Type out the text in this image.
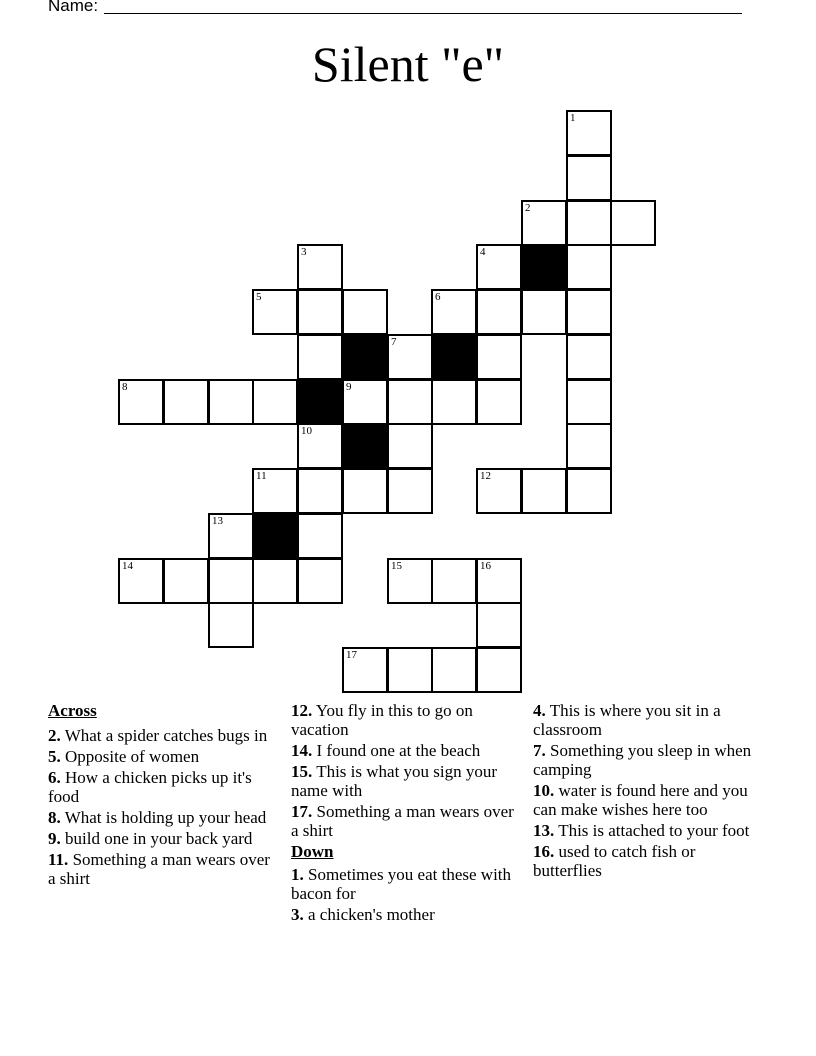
Name:
Silent "e"
1
2
3	4
5	6
7
8	9
10
11	12
13
14	15	16
17
Across
2. What a spider catches bugs in
5. Opposite of women
6. How a chicken picks up it's food
8. What is holding up your head
9. build one in your back yard
11. Something a man wears over a shirt
12. You fly in this to go on vacation
14. I found one at the beach
15. This is what you sign your name with
17. Something a man wears over a shirt
Down
1. Sometimes you eat these with bacon for
3. a chicken's mother
4. This is where you sit in a classroom
7. Something you sleep in when camping
10. water is found here and you can make wishes here too
13. This is attached to your foot
16. used to catch fish or butterflies
